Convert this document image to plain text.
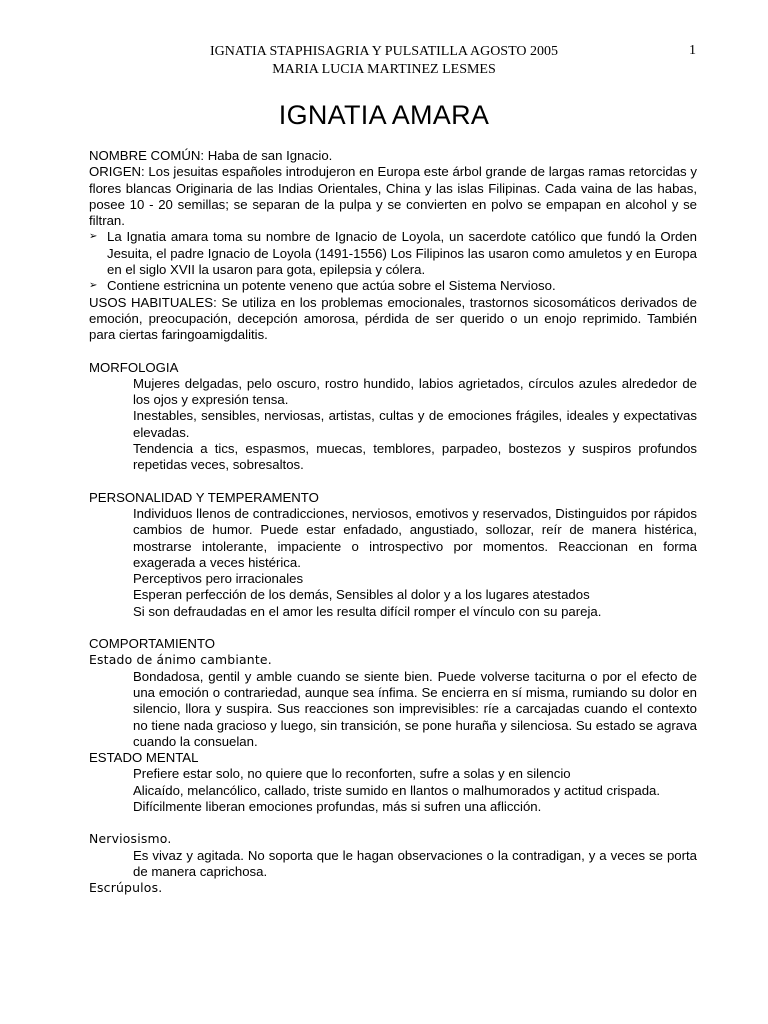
IGNATIA STAPHISAGRIA Y PULSATILLA AGOSTO 2005
MARIA LUCIA MARTINEZ LESMES
1
IGNATIA AMARA

NOMBRE COMÚN: Haba de san Ignacio.

ORIGEN: Los jesuitas españoles introdujeron en Europa este árbol grande de largas ramas retorcidas y flores blancas Originaria de las Indias Orientales, China y las islas Filipinas. Cada vaina de las habas, posee 10 - 20 semillas; se separan de la pulpa y se convierten en polvo se empapan en alcohol y se filtran.

➢ La Ignatia amara toma su nombre de Ignacio de Loyola, un sacerdote católico que fundó la Orden Jesuita, el padre Ignacio de Loyola (1491-1556) Los Filipinos las usaron como amuletos y en Europa en el siglo XVII la usaron para gota, epilepsia y cólera.

➢ Contiene estricnina un potente veneno que actúa sobre el Sistema Nervioso.

USOS HABITUALES: Se utiliza en los problemas emocionales, trastornos sicosomáticos derivados de emoción, preocupación, decepción amorosa, pérdida de ser querido o un enojo reprimido. También para ciertas faringoamigdalitis.

MORFOLOGIA

Mujeres delgadas, pelo oscuro, rostro hundido, labios agrietados, círculos azules alrededor de los ojos y expresión tensa.

Inestables, sensibles, nerviosas, artistas, cultas y de emociones frágiles, ideales y expectativas elevadas.

Tendencia a tics, espasmos, muecas, temblores, parpadeo, bostezos y suspiros profundos repetidas veces, sobresaltos.

PERSONALIDAD Y TEMPERAMENTO

Individuos llenos de contradicciones, nerviosos, emotivos y reservados, Distinguidos por rápidos cambios de humor. Puede estar enfadado, angustiado, sollozar, reír de manera histérica, mostrarse intolerante, impaciente o introspectivo por momentos. Reaccionan en forma exagerada a veces histérica.

Perceptivos pero irracionales

Esperan perfección de los demás, Sensibles al dolor y a los lugares atestados

Si son defraudadas en el amor les resulta difícil romper el vínculo con su pareja.

COMPORTAMIENTO

Estado de ánimo cambiante.

Bondadosa, gentil y amble cuando se siente bien. Puede volverse taciturna o por el efecto de una emoción o contrariedad, aunque sea ínfima. Se encierra en sí misma, rumiando su dolor en silencio, llora y suspira. Sus reacciones son imprevisibles: ríe a carcajadas cuando el contexto no tiene nada gracioso y luego, sin transición, se pone huraña y silenciosa. Su estado se agrava cuando la consuelan.

ESTADO MENTAL

Prefiere estar solo, no quiere que lo reconforten, sufre a solas y en silencio

Alicaído, melancólico, callado, triste sumido en llantos o malhumorados y actitud crispada.

Difícilmente liberan emociones profundas, más si sufren una aflicción.

Nerviosismo.

Es vivaz y agitada. No soporta que le hagan observaciones o la contradigan, y a veces se porta de manera caprichosa.

Escrúpulos.
